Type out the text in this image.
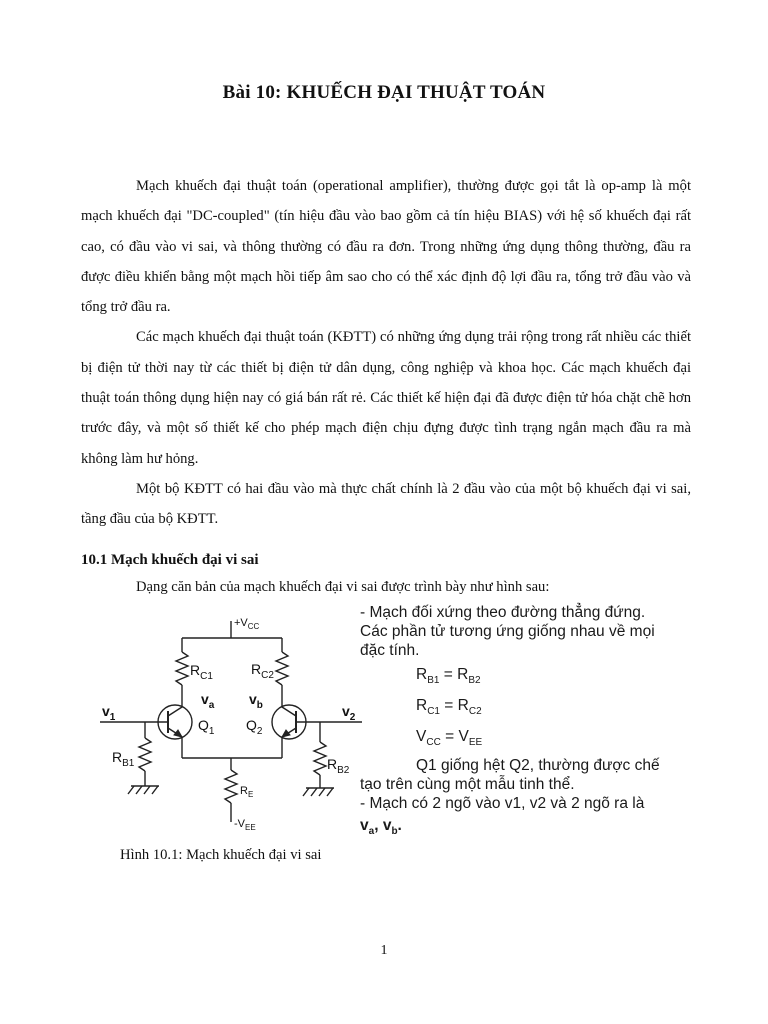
Bài 10: KHUẾCH ĐẠI THUẬT TOÁN

Mạch khuếch đại thuật toán (operational amplifier), thường được gọi tắt là op-amp là một mạch khuếch đại "DC-coupled" (tín hiệu đầu vào bao gồm cả tín hiệu BIAS) với hệ số khuếch đại rất cao, có đầu vào vi sai, và thông thường có đầu ra đơn. Trong những ứng dụng thông thường, đầu ra được điều khiển bằng một mạch hồi tiếp âm sao cho có thể xác định độ lợi đầu ra, tổng trở đầu vào và tổng trở đầu ra.

Các mạch khuếch đại thuật toán (KĐTT) có những ứng dụng trải rộng trong rất nhiều các thiết bị điện tử thời nay từ các thiết bị điện tử dân dụng, công nghiệp và khoa học. Các mạch khuếch đại thuật toán thông dụng hiện nay có giá bán rất rẻ. Các thiết kế hiện đại đã được điện tử hóa chặt chẽ hơn trước đây, và một số thiết kế cho phép mạch điện chịu đựng được tình trạng ngắn mạch đầu ra mà không làm hư hỏng.

Một bộ KĐTT có hai đầu vào mà thực chất chính là 2 đầu vào của một bộ khuếch đại vi sai, tầng đầu của bộ KĐTT.

10.1 Mạch khuếch đại vi sai
Dạng căn bản của mạch khuếch đại vi sai được trình bày như hình sau:
$+V_{CC}$
$R_{C1}$	$R_{C2}$
$v_a$ $v_b$
$v_1$	$v_2$
$Q_1$ $Q_2$
$R_{B1}$	$R_{B2}$
$R_E$
$-V_{EE}$
Hình 10.1: Mạch khuếch đại vi sai
- Mạch đối xứng theo đường thẳng đứng.
Các phần tử tương ứng giống nhau về mọi
đặc tính.
$R_{B1} = R_{B2}$
$R_{C1} = R_{C2}$
$V_{CC} = V_{EE}$
Q1 giống hệt Q2, thường được chế
tạo trên cùng một mẫu tinh thể.
- Mạch có 2 ngõ vào v1, v2 và 2 ngõ ra là
$v_a$, $v_b$.
1
